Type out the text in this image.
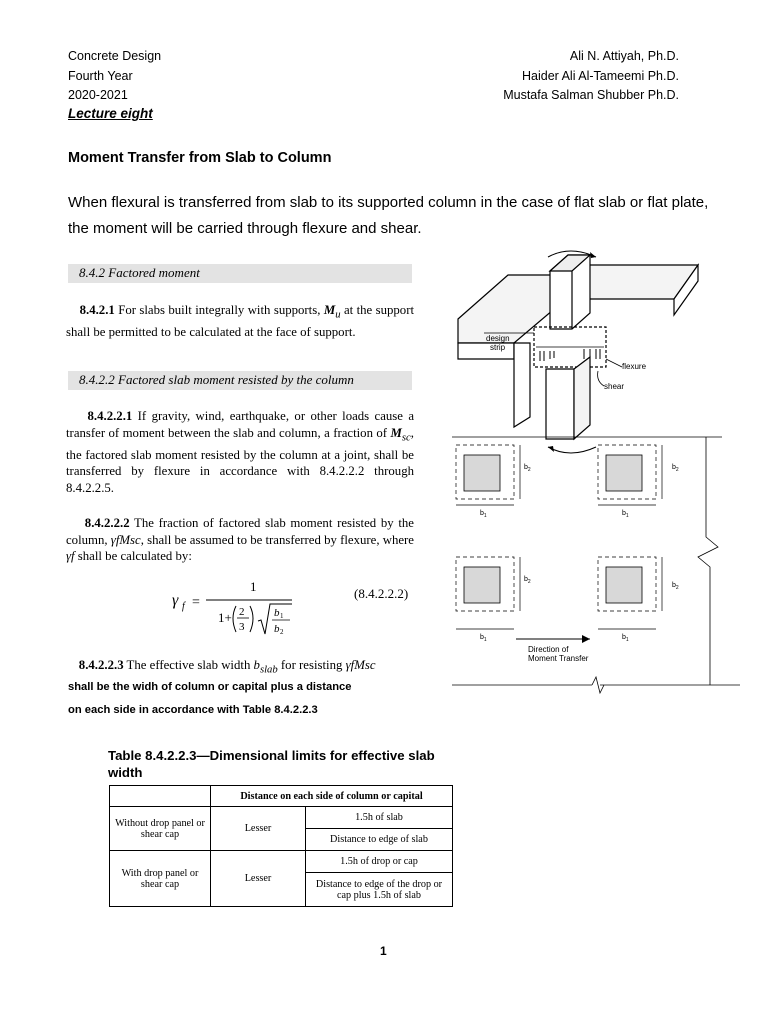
Concrete Design
Fourth Year
2020-2021
Ali N. Attiyah, Ph.D.
Haider Ali Al-Tameemi Ph.D.
Mustafa Salman Shubber Ph.D.
Lecture eight
Moment Transfer from Slab to Column
When flexural is transferred from slab to its supported column in the case of flat slab or flat plate, the moment will be carried through flexure and shear.
8.4.2 Factored moment
8.4.2.1 For slabs built integrally with supports, $M_u$ at the support shall be permitted to be calculated at the face of support.
8.4.2.2 Factored slab moment resisted by the column
8.4.2.2.1 If gravity, wind, earthquake, or other loads cause a transfer of moment between the slab and column, a fraction of $M_{sc}$, the factored slab moment resisted by the column at a joint, shall be transferred by flexure in accordance with 8.4.2.2.2 through 8.4.2.2.5.
8.4.2.2.2 The fraction of factored slab moment resisted by the column, γfMsc, shall be assumed to be transferred by flexure, where γf shall be calculated by:
γ f =
1
1+ 2
3
b 1
b 2
(8.4.2.2.2)
8.4.2.2.3 The effective slab width $b_{slab}$ for resisting γfMsc
shall be the widh of column or capital plus a distance
on each side in accordance with Table 8.4.2.2.3
Table 8.4.2.2.3—Dimensional limits for effective slab width
	Distance on each side of column or capital	
Without drop panel or shear cap	Lesser	1.5h of slab
		Distance to edge of slab
With drop panel or shear cap	Lesser	1.5h of drop or cap
		Distance to edge of the drop or cap plus 1.5h of slab
design
strip
flexure
shear
$b_2$	$b_2$
$b_2$	$b_2$
$b_1$	$b_1$
$b_1$	$b_1$
Direction of
Moment Transfer
1
